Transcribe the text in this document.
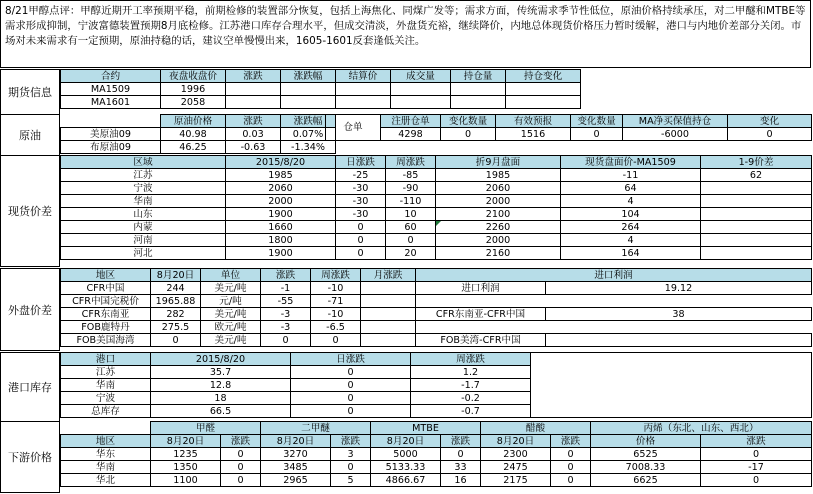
8/21甲醇点评：甲醇近期开工率预期平稳，前期检修的装置部分恢复，包括上海焦化、同煤广发等；需求方面，传统需求季节性低位，原油价格持续承压，对二甲醚和MTBE等需求形成抑制，宁波富德装置预期8月底检修。江苏港口库存合理水平，但成交清淡，外盘货充裕，继续降价，内地总体现货价格压力暂时缓解，港口与内地价差部分关闭。市场对未来需求有一定预期，原油持稳的话，建议空单慢慢出来，1605-1601反套逢低关注。
期货信息
合约	夜盘收盘价	涨跌	涨跌幅	结算价	成交量	持仓量	持仓变化
MA1509	1996						
MA1601	2058						
原油
	原油价格	涨跌	涨跌幅
美原油09	40.98	0.03	0.07%
布原油09	46.25	-0.63	-1.34%
仓单	注册仓单	变化数量	有效预报	变化数量	MA净买保值持仓	变化
	4298	0	1516	0	-6000	0

现货价差
区域	2015/8/20	日涨跌	周涨跌	折9月盘面	现货盘面价-MA1509	1-9价差
江苏	1985	-25	-85	1985	-11	62
宁波	2060	-30	-90	2060	64	
华南	2000	-30	-110	2000	4	
山东	1900	-30	10	2100	104	
内蒙	1660	0	60	2260	264	
河南	1800	0	0	2000	4	
河北	1900	0	20	2160	164	
外盘价差
地区	8月20日	单位	涨跌	周涨跌	月涨跌	进口利润	
CFR中国	244	美元/吨	-1	-10		进口利润	19.12
CFR中国完税价	1965.88	元/吨	-55	-71			
CFR东南亚	282	美元/吨	-3	-10		CFR东南亚-CFR中国	38
FOB鹿特丹	275.5	欧元/吨	-3	-6.5			
FOB美国海湾	0	美元/吨	0	0		FOB美湾-CFR中国	
港口库存
港口	2015/8/20	日涨跌	周涨跌	
江苏	35.7	0	1.2	
华南	12.8	0	-1.7	
宁波	18	0	-0.2	
总库存	66.5	0	-0.7	
下游价格
	甲醛		二甲醚		MTBE		醋酸		丙烯（东北、山东、西北）	
地区	8月20日	涨跌	8月20日	涨跌	8月20日	涨跌	8月20日	涨跌	价格	涨跌
华东	1235	0	3270	3	5000	0	2300	0	6525	0
华南	1350	0	3485	0	5133.33	33	2475	0	7008.33	-17
华北	1100	0	2965	5	4866.67	16	2175	0	6625	0
